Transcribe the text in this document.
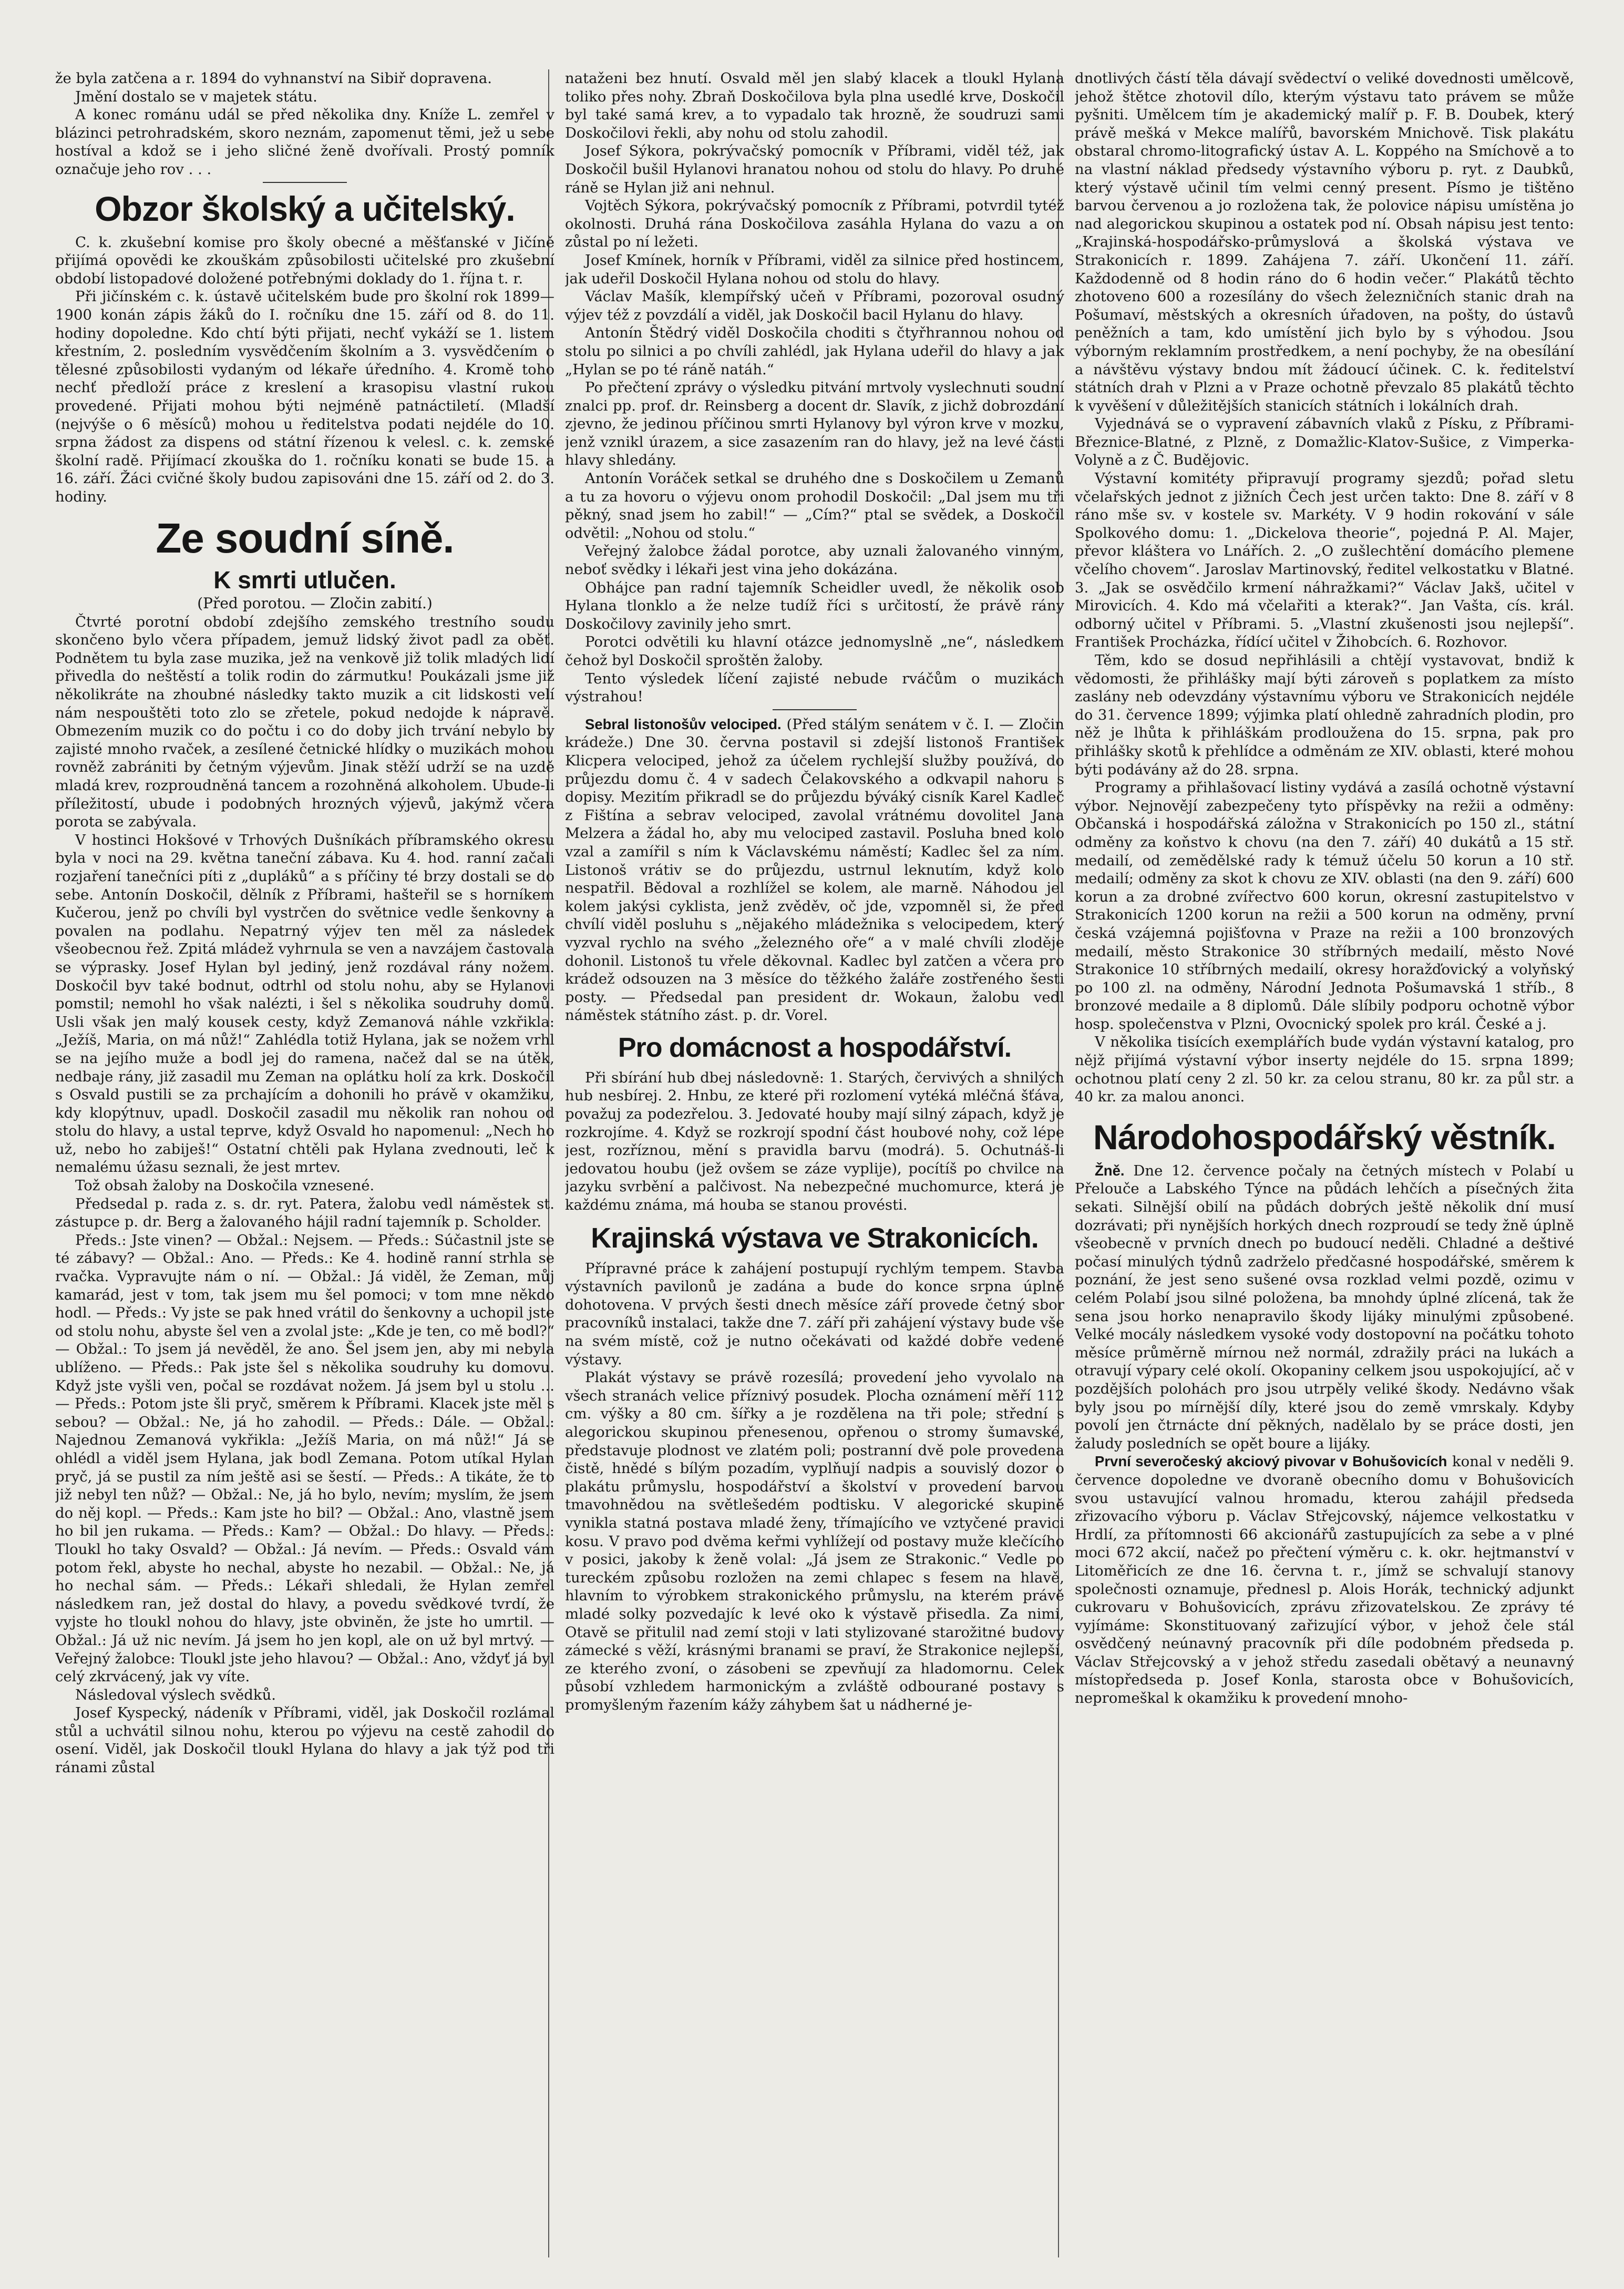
že byla zatčena a r. 1894 do vyhnanství na Sibiř dopravena.

Jmění dostalo se v majetek státu.

A konec románu udál se před několika dny. Kníže L. zemřel v blázinci petrohradském, skoro neznám, zapomenut těmi, jež u sebe hostíval a kdož se i jeho sličné ženě dvořívali. Prostý pomník označuje jeho rov . . .

Obzor školský a učitelský.

C. k. zkušební komise pro školy obecné a měšťanské v Jičíně přijímá opovědi ke zkouškám způsobilosti učitelské pro zkušební období listopadové doložené potřebnými doklady do 1. října t. r.

Při jičínském c. k. ústavě učitelském bude pro školní rok 1899—1900 konán zápis žáků do I. ročníku dne 15. září od 8. do 11. hodiny dopoledne. Kdo chtí býti přijati, nechť vykáží se 1. listem křestním, 2. posledním vysvědčením školním a 3. vysvědčením o tělesné způsobilosti vydaným od lékaře úředního. 4. Kromě toho nechť předloží práce z kreslení a krasopisu vlastní rukou provedené. Přijati mohou býti nejméně patnáctiletí. (Mladší (nejvýše o 6 měsíců) mohou u ředitelstva podati nejdéle do 10. srpna žádost za dispens od státní řízenou k velesl. c. k. zemské školní radě. Přijímací zkouška do 1. ročníku konati se bude 15. a 16. září. Žáci cvičné školy budou zapisováni dne 15. září od 2. do 3. hodiny.

Ze soudní síně.
K smrti utlučen.

(Před porotou. — Zločin zabití.)

Čtvrté porotní období zdejšího zemského trestního soudu skončeno bylo včera případem, jemuž lidský život padl za oběť. Podnětem tu byla zase muzika, jež na venkově již tolik mladých lidí přivedla do neštěstí a tolik rodin do zármutku! Poukázali jsme již několikráte na zhoubné následky takto muzik a cit lidskosti velí nám nespouštěti toto zlo se zřetele, pokud nedojde k nápravě. Obmezením muzik co do počtu i co do doby jich trvání nebylo by zajisté mnoho rvaček, a zesílené četnické hlídky o muzikách mohou rovněž zabrániti by četným výjevům. Jinak stěží udrží se na uzdě mladá krev, rozproudněná tancem a rozohněná alkoholem. Ubude-li příležitostí, ubude i podobných hrozných výjevů, jakýmž včera porota se zabývala.

V hostinci Hokšové v Trhových Dušníkách příbramského okresu byla v noci na 29. května taneční zábava. Ku 4. hod. ranní začali rozjaření tanečníci píti z „dupláků“ a s příčiny té brzy dostali se do sebe. Antonín Doskočil, dělník z Příbrami, hašteřil se s horníkem Kučerou, jenž po chvíli byl vystrčen do světnice vedle šenkovny a povalen na podlahu. Nepatrný výjev ten měl za následek všeobecnou řež. Zpitá mládež vyhrnula se ven a navzájem častovala se výprasky. Josef Hylan byl jediný, jenž rozdával rány nožem. Doskočil byv také bodnut, odtrhl od stolu nohu, aby se Hylanovi pomstil; nemohl ho však nalézti, i šel s několika soudruhy domů. Usli však jen malý kousek cesty, když Zemanová náhle vzkřikla: „Ježíš, Maria, on má nůž!“ Zahlédla totiž Hylana, jak se nožem vrhl se na jejího muže a bodl jej do ramena, načež dal se na útěk, nedbaje rány, již zasadil mu Zeman na oplátku holí za krk. Doskočil s Osvald pustili se za prchajícím a dohonili ho právě v okamžiku, kdy klopýtnuv, upadl. Doskočil zasadil mu několik ran nohou od stolu do hlavy, a ustal teprve, když Osvald ho napomenul: „Nech ho už, nebo ho zabiješ!“ Ostatní chtěli pak Hylana zvednouti, leč k nemalému úžasu seznali, že jest mrtev.

Tož obsah žaloby na Doskočila vznesené.

Předsedal p. rada z. s. dr. ryt. Patera, žalobu vedl náměstek st. zástupce p. dr. Berg a žalovaného hájil radní tajemník p. Scholder.

Předs.: Jste vinen? — Obžal.: Nejsem. — Předs.: Súčastnil jste se té zábavy? — Obžal.: Ano. — Předs.: Ke 4. hodině ranní strhla se rvačka. Vypravujte nám o ní. — Obžal.: Já viděl, že Zeman, můj kamarád, jest v tom, tak jsem mu šel pomoci; v tom mne někdo hodl. — Předs.: Vy jste se pak hned vrátil do šenkovny a uchopil jste od stolu nohu, abyste šel ven a zvolal jste: „Kde je ten, co mě bodl?“ — Obžal.: To jsem já nevěděl, že ano. Šel jsem jen, aby mi nebyla ublíženo. — Předs.: Pak jste šel s několika soudruhy ku domovu. Když jste vyšli ven, počal se rozdávat nožem. Já jsem byl u stolu ... — Předs.: Potom jste šli pryč, směrem k Příbrami. Klacek jste měl s sebou? — Obžal.: Ne, já ho zahodil. — Předs.: Dále. — Obžal.: Najednou Zemanová vykřikla: „Ježíš Maria, on má nůž!“ Já se ohlédl a viděl jsem Hylana, jak bodl Zemana. Potom utíkal Hylan pryč, já se pustil za ním ještě asi se šestí. — Předs.: A tikáte, že to již nebyl ten nůž? — Obžal.: Ne, já ho bylo, nevím; myslím, že jsem do něj kopl. — Předs.: Kam jste ho bil? — Obžal.: Ano, vlastně jsem ho bil jen rukama. — Předs.: Kam? — Obžal.: Do hlavy. — Předs.: Tloukl ho taky Osvald? — Obžal.: Já nevím. — Předs.: Osvald vám potom řekl, abyste ho nechal, abyste ho nezabil. — Obžal.: Ne, já ho nechal sám. — Předs.: Lékaři shledali, že Hylan zemřel následkem ran, jež dostal do hlavy, a povedu svědkové tvrdí, že vyjste ho tloukl nohou do hlavy, jste obviněn, že jste ho umrtil. — Obžal.: Já už nic nevím. Já jsem ho jen kopl, ale on už byl mrtvý. — Veřejný žalobce: Tloukl jste jeho hlavou? — Obžal.: Ano, vždyť já byl celý zkrvácený, jak vy víte.

Následoval výslech svědků.

Josef Kyspecký, nádeník v Příbrami, viděl, jak Doskočil rozlámal stůl a uchvátil silnou nohu, kterou po výjevu na cestě zahodil do osení. Viděl, jak Doskočil tloukl Hylana do hlavy a jak týž pod tři ránami zůstal

nataženi bez hnutí. Osvald měl jen slabý klacek a tloukl Hylana toliko přes nohy. Zbraň Doskočilova byla plna usedlé krve, Doskočil byl také samá krev, a to vypadalo tak hrozně, že soudruzi sami Doskočilovi řekli, aby nohu od stolu zahodil.

Josef Sýkora, pokrývačský pomocník v Příbrami, viděl též, jak Doskočil bušil Hylanovi hranatou nohou od stolu do hlavy. Po druhé ráně se Hylan již ani nehnul.

Vojtěch Sýkora, pokrývačský pomocník z Příbrami, potvrdil tytéž okolnosti. Druhá rána Doskočilova zasáhla Hylana do vazu a on zůstal po ní ležeti.

Josef Kmínek, horník v Příbrami, viděl za silnice před hostincem, jak udeřil Doskočil Hylana nohou od stolu do hlavy.

Václav Mašík, klempířský učeň v Příbrami, pozoroval osudný výjev též z povzdálí a viděl, jak Doskočil bacil Hylanu do hlavy.

Antonín Štědrý viděl Doskočila choditi s čtyřhrannou nohou od stolu po silnici a po chvíli zahlédl, jak Hylana udeřil do hlavy a jak „Hylan se po té ráně natáh.“

Po přečtení zprávy o výsledku pitvání mrtvoly vyslechnuti soudní znalci pp. prof. dr. Reinsberg a docent dr. Slavík, z jichž dobrozdání zjevno, že jedinou příčinou smrti Hylanovy byl výron krve v mozku, jenž vznikl úrazem, a sice zasazením ran do hlavy, jež na levé části hlavy shledány.

Antonín Voráček setkal se druhého dne s Doskočilem u Zemanů a tu za hovoru o výjevu onom prohodil Doskočil: „Dal jsem mu tři pěkný, snad jsem ho zabil!“ — „Cím?“ ptal se svědek, a Doskočil odvětil: „Nohou od stolu.“

Veřejný žalobce žádal porotce, aby uznali žalovaného vinným, neboť svědky i lékaři jest vina jeho dokázána.

Obhájce pan radní tajemník Scheidler uvedl, že několik osob Hylana tlonklo a že nelze tudíž říci s určitostí, že právě rány Doskočilovy zavinily jeho smrt.

Porotci odvětili ku hlavní otázce jednomyslně „ne“, následkem čehož byl Doskočil sproštěn žaloby.

Tento výsledek líčení zajisté nebude rváčům o muzikách výstrahou!

Sebral listonošův velociped. (Před stálým senátem v č. I. — Zločin krádeže.) Dne 30. června postavil si zdejší listonoš František Klicpera velociped, jehož za účelem rychlejší služby používá, do průjezdu domu č. 4 v sadech Čelakovského a odkvapil nahoru s dopisy. Mezitím přikradl se do průjezdu býváký cisník Karel Kadleč z Fištína a sebrav velociped, zavolal vrátnému dovolitel Jana Melzera a žádal ho, aby mu velociped zastavil. Posluha bned kolo vzal a zamířil s ním k Václavskému náměstí; Kadlec šel za ním. Listonoš vrátiv se do průjezdu, ustrnul leknutím, když kolo nespatřil. Bědoval a rozhlížel se kolem, ale marně. Náhodou jel kolem jakýsi cyklista, jenž zvěděv, oč jde, vzpomněl si, že před chvílí viděl posluhu s „nějakého mládežnika s velocipedem, který vyzval rychlo na svého „železného oře“ a v malé chvíli zloděje dohonil. Listonoš tu vřele děkovnal. Kadlec byl zatčen a včera pro krádež odsouzen na 3 měsíce do těžkého žaláře zostřeného šesti posty. — Předsedal pan president dr. Wokaun, žalobu vedl náměstek státního zást. p. dr. Vorel.

Pro domácnost a hospodářství.

Při sbírání hub dbej následovně: 1. Starých, červivých a shnilých hub nesbírej. 2. Hnbu, ze které při rozlomení vytéká mléčná šťáva, považuj za podezřelou. 3. Jedovaté houby mají silný zápach, když je rozkrojíme. 4. Když se rozkrojí spodní část houbové nohy, což lépe jest, rozříznou, mění s pravidla barvu (modrá). 5. Ochutnáš-li jedovatou houbu (jež ovšem se záze vyplije), pocítíš po chvilce na jazyku svrbění a palčivost. Na nebezpečné muchomurce, která je každému známa, má houba se stanou provésti.

Krajinská výstava ve Strakonicích.

Přípravné práce k zahájení postupují rychlým tempem. Stavba výstavních pavilonů je zadána a bude do konce srpna úplně dohotovena. V prvých šesti dnech měsíce září provede četný sbor pracovníků instalaci, takže dne 7. září při zahájení výstavy bude vše na svém místě, což je nutno očekávati od každé dobře vedené výstavy.

Plakát výstavy se právě rozesílá; provedení jeho vyvolalo na všech stranách velice příznivý posudek. Plocha oznámení měří 112 cm. výšky a 80 cm. šířky a je rozdělena na tři pole; střední s alegorickou skupinou přenesenou, opřenou o stromy šumavské, představuje plodnost ve zlatém poli; postranní dvě pole provedena čistě, hnědé s bílým pozadím, vyplňují nadpis a souvislý dozor o plakátu průmyslu, hospodářství a školství v provedení barvou tmavohnědou na světlešedém podtisku. V alegorické skupině vynikla statná postava mladé ženy, třímajícího ve vztyčené pravici kosu. V pravo pod dvěma keřmi vyhlížejí od postavy muže klečícího v posici, jakoby k ženě volal: „Já jsem ze Strakonic.“ Vedle po tureckém způsobu rozložen na zemi chlapec s fesem na hlavě, hlavním to výrobkem strakonického průmyslu, na kterém právě mladé solky pozvedajíc k levé oko k výstavě přisedla. Za nimi, Otavě se přitulil nad zemí stoji v lati stylizované starožitné budovy zámecké s věží, krásnými branami se praví, že Strakonice nejlepší, ze kterého zvoní, o zásobeni se zpevňují za hladomornu. Celek působí vzhledem harmonickým a zvláště odbourané postavy s promyšleným řazením kážy záhybem šat u nádherné je-

dnotlivých částí těla dávají svědectví o veliké dovednosti umělcově, jehož štětce zhotovil dílo, kterým výstavu tato právem se může pyšniti. Umělcem tím je akademický malíř p. F. B. Doubek, který právě mešká v Mekce malířů, bavorském Mnichově. Tisk plakátu obstaral chromo-litografický ústav A. L. Koppého na Smíchově a to na vlastní náklad předsedy výstavního výboru p. ryt. z Daubků, který výstavě učinil tím velmi cenný present. Písmo je tištěno barvou červenou a jo rozložena tak, že polovice nápisu umístěna jo nad alegorickou skupinou a ostatek pod ní. Obsah nápisu jest tento: „Krajinská-hospodářsko-průmyslová a školská výstava ve Strakonicích r. 1899. Zahájena 7. září. Ukončení 11. září. Každodenně od 8 hodin ráno do 6 hodin večer.“ Plakátů těchto zhotoveno 600 a rozesílány do všech železničních stanic drah na Pošumaví, městských a okresních úřadoven, na pošty, do ústavů peněžních a tam, kdo umístění jich bylo by s výhodou. Jsou výborným reklamním prostředkem, a není pochyby, že na obesílání a návštěvu výstavy bndou mít žádoucí účinek. C. k. ředitelství státních drah v Plzni a v Praze ochotně převzalo 85 plakátů těchto k vyvěšení v důležitějších stanicích státních i lokálních drah.

Vyjednává se o vypravení zábavních vlaků z Písku, z Příbrami-Březnice-Blatné, z Plzně, z Domažlic-Klatov-Sušice, z Vimperka-Volyně a z Č. Budějovic.

Výstavní komitéty připravují programy sjezdů; pořad sletu včelařských jednot z jižních Čech jest určen takto: Dne 8. září v 8 ráno mše sv. v kostele sv. Markéty. V 9 hodin rokování v sále Spolkového domu: 1. „Dickelova theorie“, pojedná P. Al. Majer, převor kláštera vo Lnářích. 2. „O zušlechtění domácího plemene včelího chovem“. Jaroslav Martinovský, ředitel velkostatku v Blatné. 3. „Jak se osvědčilo krmení náhražkami?“ Václav Jakš, učitel v Mirovicích. 4. Kdo má včelařiti a kterak?“. Jan Vašta, cís. král. odborný učitel v Příbrami. 5. „Vlastní zkušenosti jsou nejlepší“. František Procházka, řídící učitel v Žihobcích. 6. Rozhovor.

Těm, kdo se dosud nepřihlásili a chtějí vystavovat, bndiž k vědomosti, že přihlášky mají býti zároveň s poplatkem za místo zaslány neb odevzdány výstavnímu výboru ve Strakonicích nejdéle do 31. července 1899; výjimka platí ohledně zahradních plodin, pro něž je lhůta k přihláškám prodloužena do 15. srpna, pak pro přihlášky skotů k přehlídce a odměnám ze XIV. oblasti, které mohou býti podávány až do 28. srpna.

Programy a přihlašovací listiny vydává a zasílá ochotně výstavní výbor. Nejnovějí zabezpečeny tyto příspěvky na režii a odměny: Občanská i hospodářská záložna v Strakonicích po 150 zl., státní odměny za koňstvo k chovu (na den 7. září) 40 dukátů a 15 stř. medailí, od zemědělské rady k témuž účelu 50 korun a 10 stř. medailí; odměny za skot k chovu ze XIV. oblasti (na den 9. září) 600 korun a za drobné zvířectvo 600 korun, okresní zastupitelstvo v Strakonicích 1200 korun na režii a 500 korun na odměny, první česká vzájemná pojišťovna v Praze na režii a 100 bronzových medailí, město Strakonice 30 stříbrných medailí, město Nové Strakonice 10 stříbrných medailí, okresy horažďovický a volyňský po 100 zl. na odměny, Národní Jednota Pošumavská 1 stříb., 8 bronzové medaile a 8 diplomů. Dále slíbily podporu ochotně výbor hosp. společenstva v Plzni, Ovocnický spolek pro král. České a j.

V několika tisících exemplářích bude vydán výstavní katalog, pro nějž přijímá výstavní výbor inserty nejdéle do 15. srpna 1899; ochotnou platí ceny 2 zl. 50 kr. za celou stranu, 80 kr. za půl str. a 40 kr. za malou anonci.

Národohospodářský věstník.

Žně. Dne 12. července počaly na četných místech v Polabí u Přelouče a Labského Týnce na půdách lehčích a písečných žita sekati. Silnější obilí na půdách dobrých ještě několik dní musí dozrávati; při nynějších horkých dnech rozproudí se tedy žně úplně všeobecně v prvních dnech po budoucí neděli. Chladné a deštivé počasí minulých týdnů zadrželo předčasné hospodářské, směrem k poznání, že jest seno sušené ovsa rozklad velmi pozdě, ozimu v celém Polabí jsou silné položena, ba mnohdy úplné zlícená, tak že sena jsou horko nenapravilo škody lijáky minulými způsobené. Velké mocály následkem vysoké vody dostopovní na počátku tohoto měsíce průměrně mírnou než normál, zdražily práci na lukách a otravují výpary celé okolí. Okopaniny celkem jsou uspokojující, ač v pozdějších polohách pro jsou utrpěly veliké škody. Nedávno však byly jsou po mírnější díly, které jsou do země vmrskaly. Kdyby povolí jen čtrnácte dní pěkných, nadělalo by se práce dosti, jen žaludy posledních se opět boure a lijáky.

První severočeský akciový pivovar v Bohušovicích konal v neděli 9. července dopoledne ve dvoraně obecního domu v Bohušovicích svou ustavující valnou hromadu, kterou zahájil předseda zřizovacího výboru p. Václav Střejcovský, nájemce velkostatku v Hrdlí, za přítomnosti 66 akcionářů zastupujících za sebe a v plné moci 672 akcií, načež po přečtení výměru c. k. okr. hejtmanství v Litoměřicích ze dne 16. června t. r., jímž se schvalují stanovy společnosti oznamuje, přednesl p. Alois Horák, technický adjunkt cukrovaru v Bohušovicích, zprávu zřizovatelskou. Ze zprávy té vyjímáme: Skonstituovaný zařizující výbor, v jehož čele stál osvědčený neúnavný pracovník při díle podobném předseda p. Václav Střejcovský a v jehož středu zasedali obětavý a neunavný místopředseda p. Josef Konla, starosta obce v Bohušovicích, nepromeškal k okamžiku k provedení mnoho-
